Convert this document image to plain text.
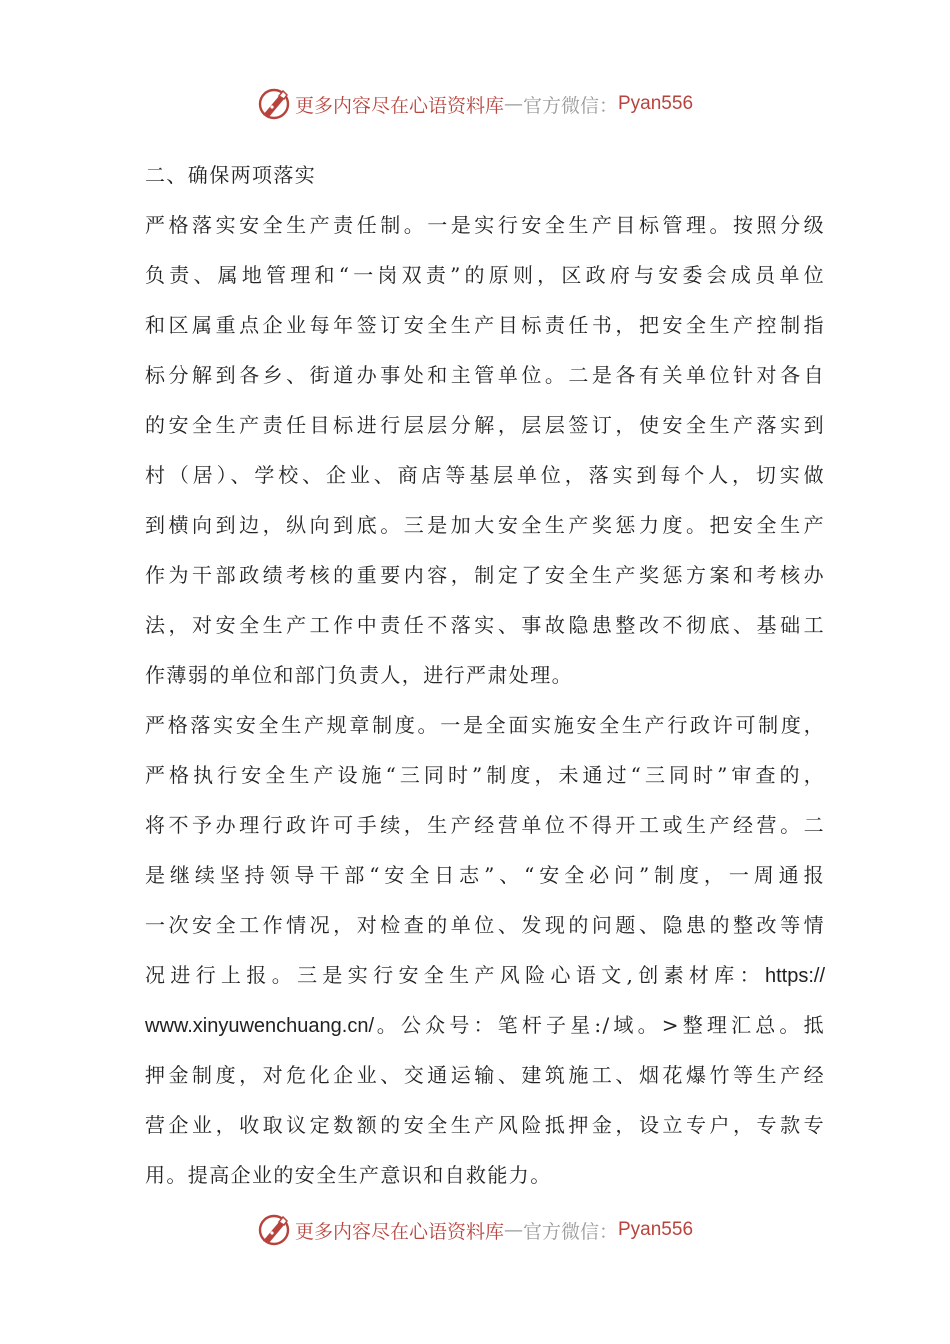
更多内容尽在心语资料库 — 官方微信： Pyan556
二、确保两项落实
严格落实安全生产责任制。一是实行安全生产目标管理。按照分级
负责、属地管理和“一岗双责”的原则，区政府与安委会成员单位
和区属重点企业每年签订安全生产目标责任书，把安全生产控制指
标分解到各乡、街道办事处和主管单位。二是各有关单位针对各自
的安全生产责任目标进行层层分解，层层签订，使安全生产落实到
村（居）、学校、企业、商店等基层单位，落实到每个人，切实做
到横向到边，纵向到底。三是加大安全生产奖惩力度。把安全生产
作为干部政绩考核的重要内容，制定了安全生产奖惩方案和考核办
法，对安全生产工作中责任不落实、事故隐患整改不彻底、基础工
作薄弱的单位和部门负责人，进行严肃处理。
严格落实安全生产规章制度。一是全面实施安全生产行政许可制度，
严格执行安全生产设施“三同时”制度，未通过“三同时”审查的，
将不予办理行政许可手续，生产经营单位不得开工或生产经营。二
是继续坚持领导干部“安全日志”、“安全必问”制度，一周通报
一次安全工作情况，对检查的单位、发现的问题、隐患的整改等情
况进行上报。三是实行安全生产风险心语文,创素材库：https://
www.xinyuwenchuang.cn/。公众号：笔杆子星:/域。>整理汇总。抵
押金制度，对危化企业、交通运输、建筑施工、烟花爆竹等生产经
营企业，收取议定数额的安全生产风险抵押金，设立专户，专款专
用。提高企业的安全生产意识和自救能力。
更多内容尽在心语资料库 — 官方微信： Pyan556
